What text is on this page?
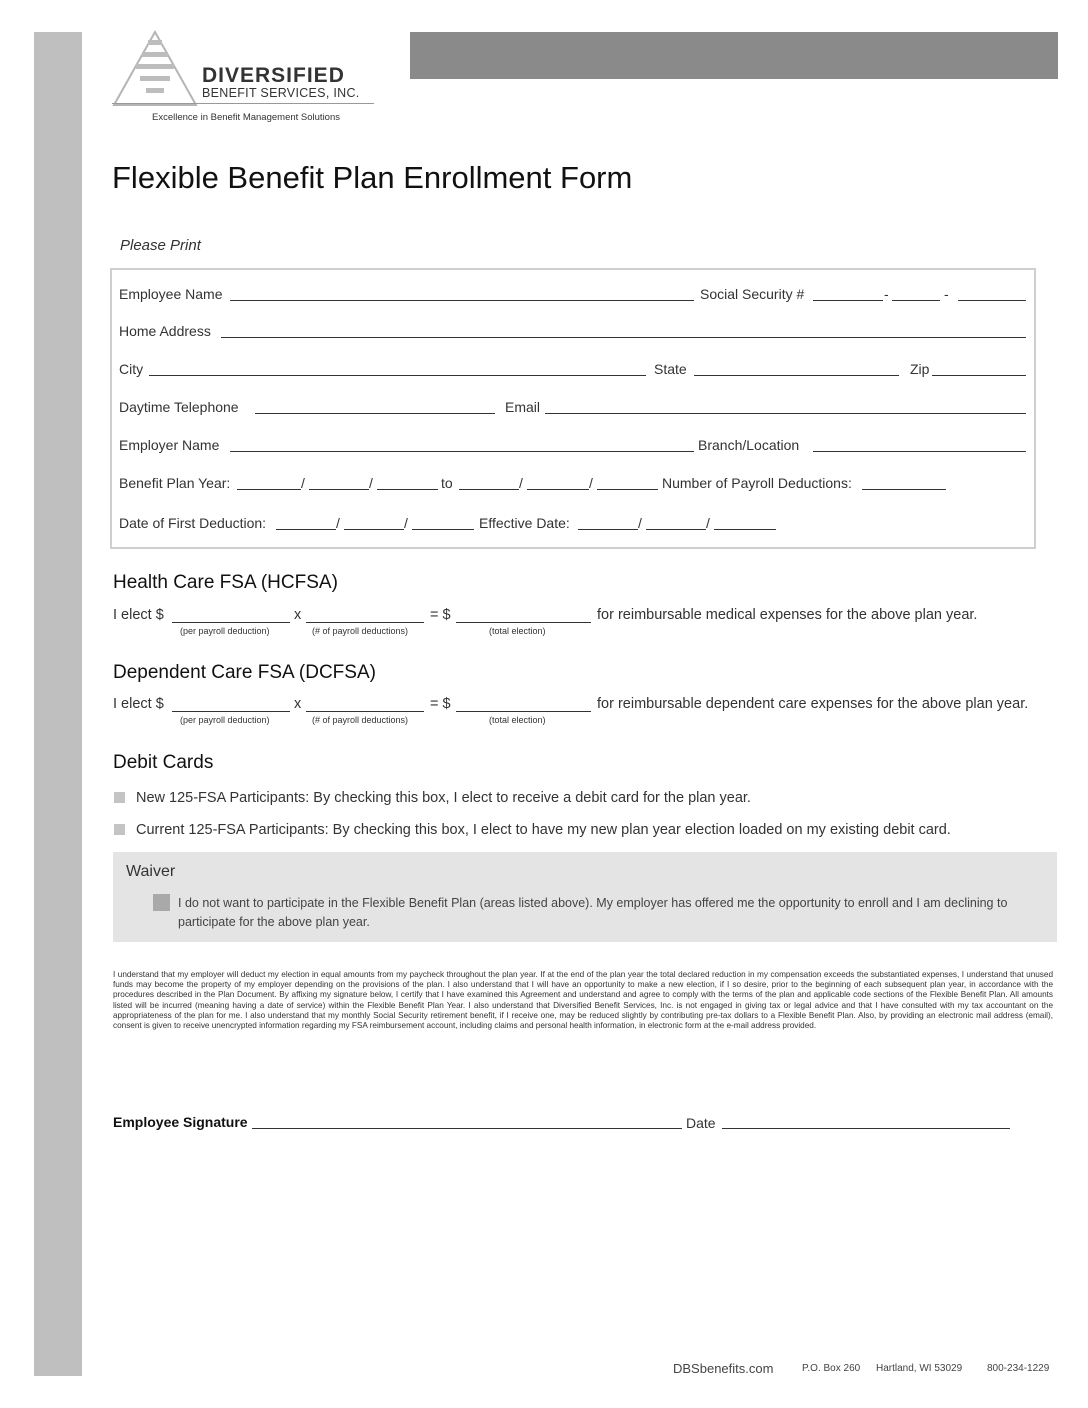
DIVERSIFIED
BENEFIT SERVICES, INC.
Excellence in Benefit Management Solutions
Flexible Benefit Plan Enrollment Form
Please Print
Employee Name	Social Security #	-	-
Home Address
City	State	Zip
Daytime Telephone	Email
Employer Name	Branch/Location
Benefit Plan Year:	/	/	to	/	/	Number of Payroll Deductions:
Date of First Deduction:	/	/	Effective Date:	/	/
Health Care FSA (HCFSA)
I elect $	x	= $	for reimbursable medical expenses for the above plan year.
(per payroll deduction)	(# of payroll deductions)	(total election)
Dependent Care FSA (DCFSA)
I elect $	x	= $	for reimbursable dependent care expenses for the above plan year.
(per payroll deduction)	(# of payroll deductions)	(total election)
Debit Cards
New 125-FSA Participants: By checking this box, I elect to receive a debit card for the plan year.
Current 125-FSA Participants: By checking this box, I elect to have my new plan year election loaded on my existing debit card.
Waiver
I do not want to participate in the Flexible Benefit Plan (areas listed above). My employer has offered me the opportunity to enroll and I am declining to participate for the above plan year.
I understand that my employer will deduct my election in equal amounts from my paycheck throughout the plan year. If at the end of the plan year the total declared reduction in my compensation exceeds the substantiated expenses, I understand that unused funds may become the property of my employer depending on the provisions of the plan. I also understand that I will have an opportunity to make a new election, if I so desire, prior to the beginning of each subsequent plan year, in accordance with the procedures described in the Plan Document. By affixing my signature below, I certify that I have examined this Agreement and understand and agree to comply with the terms of the plan and applicable code sections of the Flexible Benefit Plan. All amounts listed will be incurred (meaning having a date of service) within the Flexible Benefit Plan Year. I also understand that Diversified Benefit Services, Inc. is not engaged in giving tax or legal advice and that I have consulted with my tax accountant on the appropriateness of the plan for me. I also understand that my monthly Social Security retirement benefit, if I receive one, may be reduced slightly by contributing pre-tax dollars to a Flexible Benefit Plan. Also, by providing an electronic mail address (email), consent is given to receive unencrypted information regarding my FSA reimbursement account, including claims and personal health information, in electronic form at the e-mail address provided.
Employee Signature	Date
DBSbenefits.com	P.O. Box 260 Hartland, WI 53029 800-234-1229
